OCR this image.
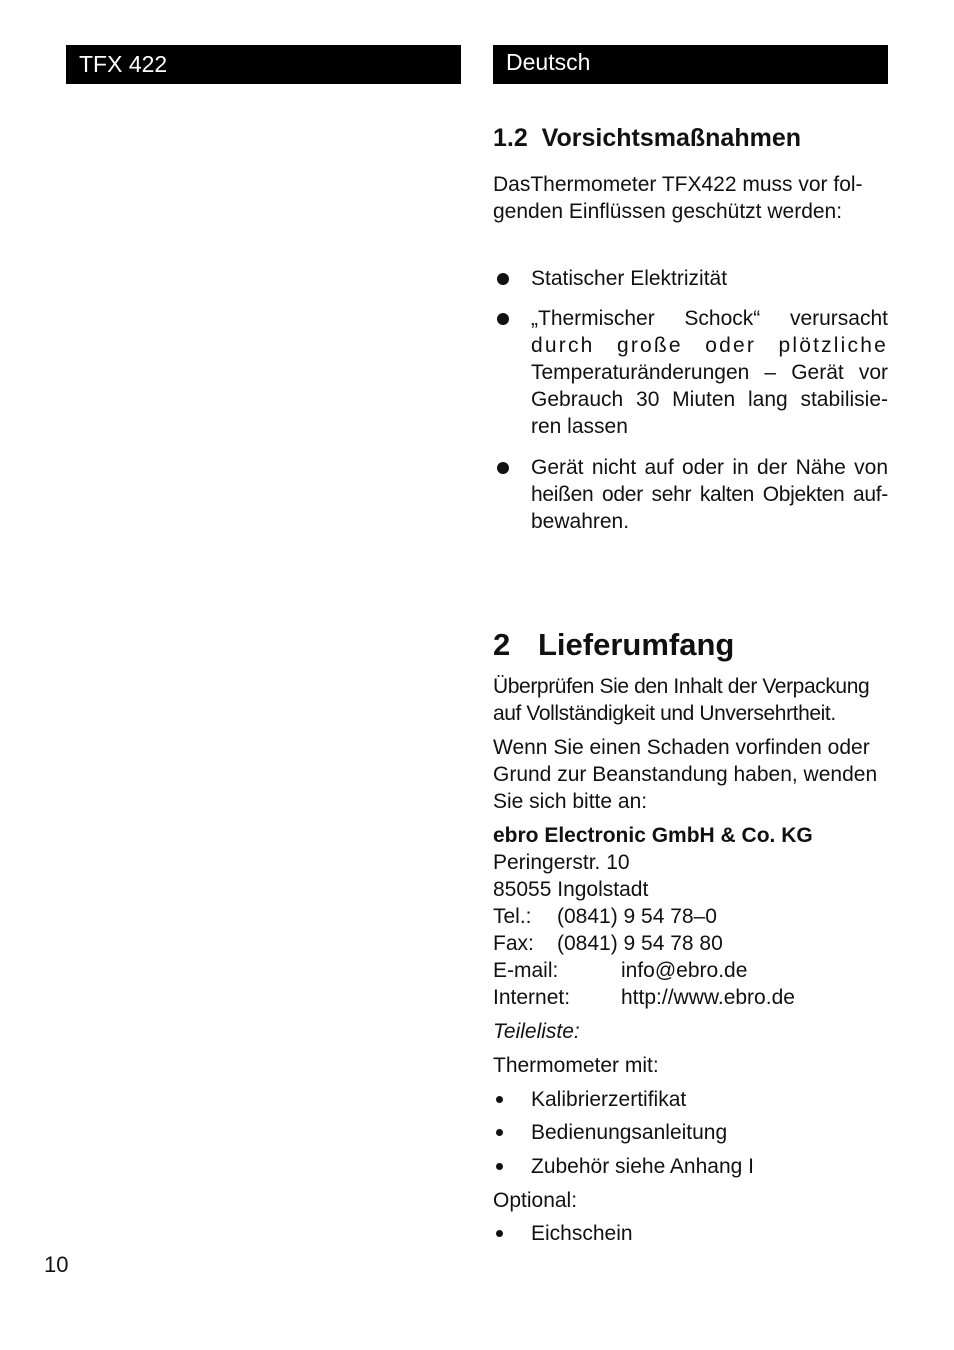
TFX 422	Deutsch
1.2 Vorsichtsmaßnahmen
DasThermometer TFX422 muss vor fol-
genden Einflüssen geschützt werden:
Statischer Elektrizität
„Thermischer Schock“ verursacht
durch große oder plötzliche
Temperaturänderungen – Gerät vor
Gebrauch 30 Miuten lang stabilisie-
ren lassen
Gerät nicht auf oder in der Nähe von
heißen oder sehr kalten Objekten auf-
bewahren.
2 Lieferumfang
Überprüfen Sie den Inhalt der Verpackung
auf Vollständigkeit und Unversehrtheit.
Wenn Sie einen Schaden vorfinden oder
Grund zur Beanstandung haben, wenden
Sie sich bitte an:
ebro Electronic GmbH & Co. KG
Peringerstr. 10
85055 Ingolstadt
Tel.:	(0841) 9 54 78–0
Fax:	(0841) 9 54 78 80
E-mail:	info@ebro.de
Internet:	http://www.ebro.de
Teileliste:
Thermometer mit:
Kalibrierzertifikat
Bedienungsanleitung
Zubehör siehe Anhang I
Optional:
Eichschein
10
